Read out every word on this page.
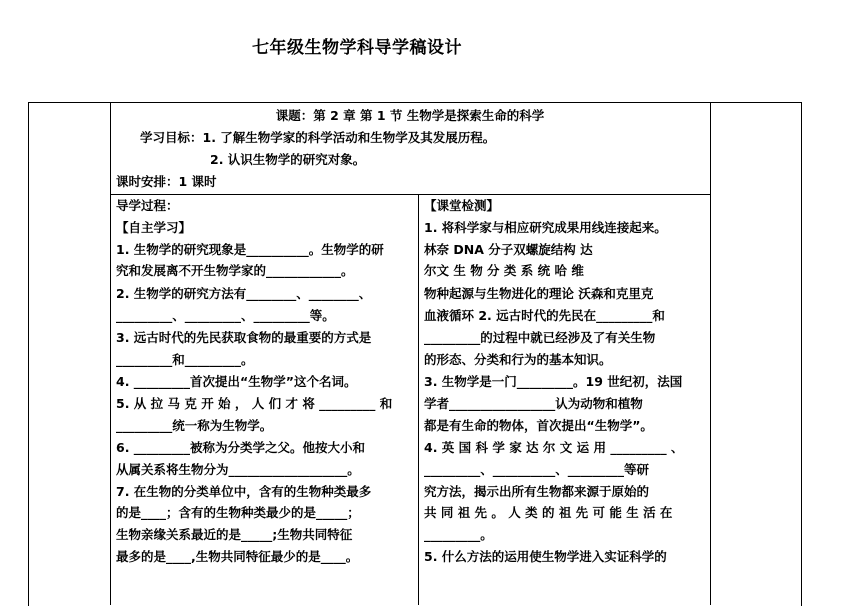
七年级生物学科导学稿设计
课题：第 2 章 第 1 节 生物学是探索生命的科学
学习目标：1. 了解生物学家的科学活动和生物学及其发展历程。
2. 认识生物学的研究对象。
课时安排：1 课时
导学过程：
【自主学习】
1. 生物学的研究现象是__________。生物学的研
究和发展离不开生物学家的____________。
2. 生物学的研究方法有________、________、
_________、_________、_________等。
3. 远古时代的先民获取食物的最重要的方式是
_________和_________。
4. _________首次提出“生物学”这个名词。
5. 从 拉 马 克 开 始 ， 人 们 才 将 _________ 和
_________统一称为生物学。
6. _________被称为分类学之父。他按大小和
从属关系将生物分为___________________。
7. 在生物的分类单位中，含有的生物种类最多
的是____；含有的生物种类最少的是_____；
生物亲缘关系最近的是_____;生物共同特征
最多的是____,生物共同特征最少的是____。
【课堂检测】
1. 将科学家与相应研究成果用线连接起来。
林奈 DNA 分子双螺旋结构 达
尔文 生 物 分 类 系 统 哈 维
物种起源与生物进化的理论 沃森和克里克
血液循环 2. 远古时代的先民在_________和
_________的过程中就已经涉及了有关生物
的形态、分类和行为的基本知识。
3. 生物学是一门_________。19 世纪初，法国
学者_________________认为动物和植物
都是有生命的物体，首次提出“生物学”。
4. 英 国 科 学 家 达 尔 文 运 用 _________ 、
_________、__________、_________等研
究方法，揭示出所有生物都来源于原始的
共 同 祖 先 。 人 类 的 祖 先 可 能 生 活 在
_________。
5. 什么方法的运用使生物学进入实证科学的
